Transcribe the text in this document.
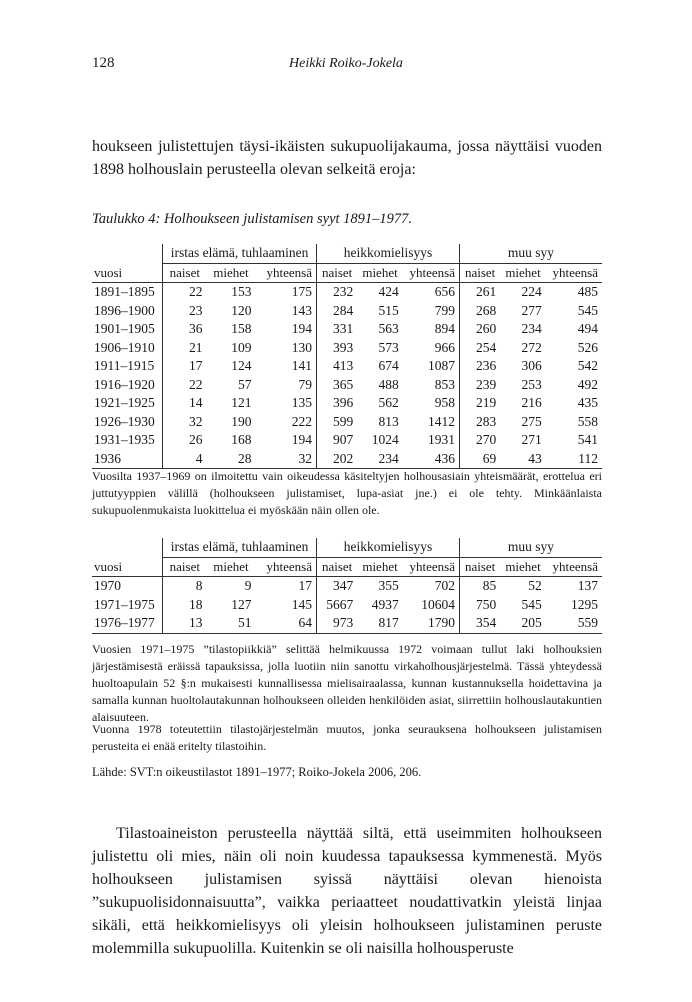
128	Heikki Roiko-Jokela

houkseen julistettujen täysi-ikäisten sukupuolijakauma, jossa näyttäisi vuoden 1898 holhouslain perusteella olevan selkeitä eroja:

Taulukko 4: Holhoukseen julistamisen syyt 1891–1977.
	irstas elämä, tuhlaaminen			heikkomielisyys			muu syy		
vuosi	naiset	miehet	yhteensä	naiset	miehet	yhteensä	naiset	miehet	yhteensä
1891–1895	22	153	175	232	424	656	261	224	485
1896–1900	23	120	143	284	515	799	268	277	545
1901–1905	36	158	194	331	563	894	260	234	494
1906–1910	21	109	130	393	573	966	254	272	526
1911–1915	17	124	141	413	674	1087	236	306	542
1916–1920	22	57	79	365	488	853	239	253	492
1921–1925	14	121	135	396	562	958	219	216	435
1926–1930	32	190	222	599	813	1412	283	275	558
1931–1935	26	168	194	907	1024	1931	270	271	541
1936	4	28	32	202	234	436	69	43	112

Vuosilta 1937–1969 on ilmoitettu vain oikeudessa käsiteltyjen holhousasiain yhteismäärät, erottelua eri juttutyyppien välillä (holhoukseen julistamiset, lupa-asiat jne.) ei ole tehty. Minkäänlaista sukupuolenmukaista luokittelua ei myöskään näin ollen ole.

	irstas elämä, tuhlaaminen			heikkomielisyys			muu syy		
vuosi	naiset	miehet	yhteensä	naiset	miehet	yhteensä	naiset	miehet	yhteensä
1970	8	9	17	347	355	702	85	52	137
1971–1975	18	127	145	5667	4937	10604	750	545	1295
1976–1977	13	51	64	973	817	1790	354	205	559

Vuosien 1971–1975 ”tilastopiikkiä” selittää helmikuussa 1972 voimaan tullut laki holhouksien järjestämisestä eräissä tapauksissa, jolla luotiin niin sanottu virkaholhousjärjestelmä. Tässä yhteydessä huoltoapulain 52 §:n mukaisesti kunnallisessa mielisairaalassa, kunnan kustannuksella hoidettavina ja samalla kunnan huoltolautakunnan holhoukseen olleiden henkilöiden asiat, siirrettiin holhouslautakuntien alaisuuteen.

Vuonna 1978 toteutettiin tilastojärjestelmän muutos, jonka seurauksena holhoukseen julistamisen perusteita ei enää eritelty tilastoihin.

Lähde: SVT:n oikeustilastot 1891–1977; Roiko-Jokela 2006, 206.

Tilastoaineiston perusteella näyttää siltä, että useimmiten holhoukseen julistettu oli mies, näin oli noin kuudessa tapauksessa kymmenestä. Myös holhoukseen julistamisen syissä näyttäisi olevan hienoista ”sukupuolisidonnaisuutta”, vaikka periaatteet noudattivatkin yleistä linjaa sikäli, että heikkomielisyys oli yleisin holhoukseen julistaminen peruste molemmilla sukupuolilla. Kuitenkin se oli naisilla holhousperuste
